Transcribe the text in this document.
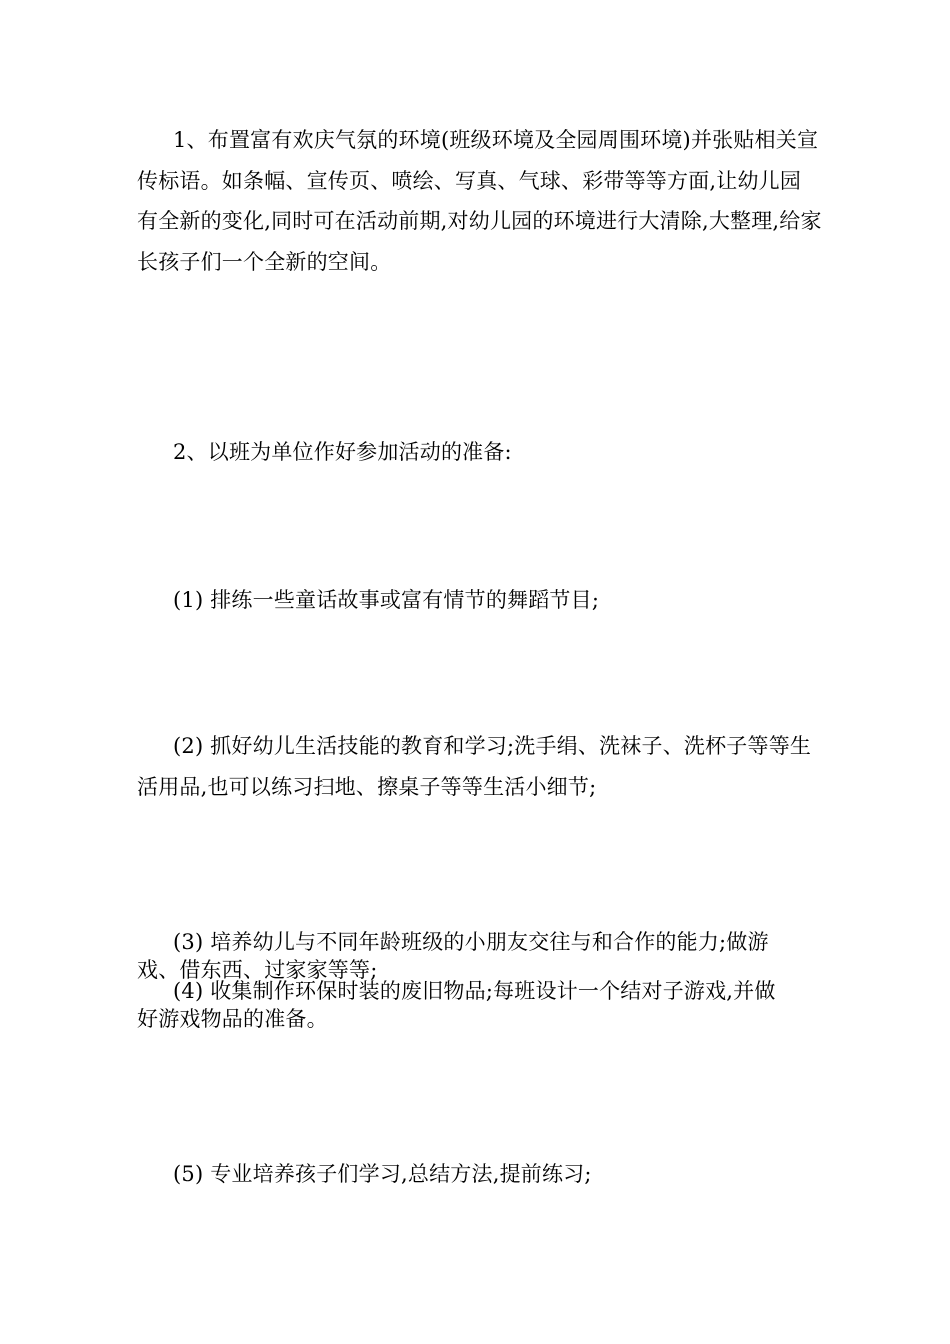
1、布置富有欢庆气氛的环境(班级环境及全园周围环境)并张贴相关宣传标语。如条幅、宣传页、喷绘、写真、气球、彩带等等方面,让幼儿园有全新的变化,同时可在活动前期,对幼儿园的环境进行大清除,大整理,给家长孩子们一个全新的空间。

2、以班为单位作好参加活动的准备:

(1) 排练一些童话故事或富有情节的舞蹈节目;

(2) 抓好幼儿生活技能的教育和学习;洗手绢、洗袜子、洗杯子等等生活用品,也可以练习扫地、擦桌子等等生活小细节;

(3) 培养幼儿与不同年龄班级的小朋友交往与和合作的能力;做游
戏、借东西、过家家等等;
(4) 收集制作环保时装的废旧物品;每班设计一个结对子游戏,并做
好游戏物品的准备。

(5) 专业培养孩子们学习,总结方法,提前练习;
